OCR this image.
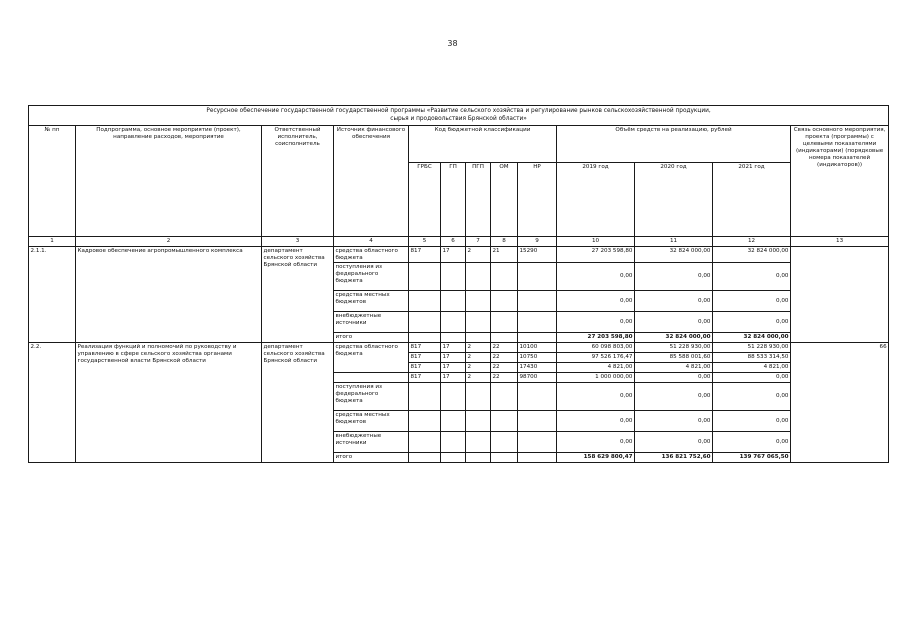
38
Ресурсное обеспечение государственной государственной программы «Развитие сельского хозяйства и регулирование рынков сельскохозяйственной продукции,
сырья и продовольствия Брянской области»												

№ пп	Подпрограмма, основное мероприятие (проект), направление расходов, мероприятие	Ответственный исполнитель, соисполнитель	Источник финансового обеспечения	Код бюджетной классификации					Объём средств на реализацию, рублей			Связь основного мероприятия, проекта (программы) с целевыми показателями (индикаторами) (порядковые номера показателей (индикаторов))
				ГРБС	ГП	ПГП	ОМ	НР	2019 год	2020 год	2021 год	
1	2	3	4	5	6	7	8	9	10	11	12	13
2.1.1.	Кадровое обеспечение агропромышленного комплекса	департамент сельского хозяйства Брянской области	средства областного бюджета	817	17	2	21	15290	27 203 598,80	32 824 000,00	32 824 000,00	
			поступления из федерального бюджета						0,00	0,00	0,00	
			средства местных бюджетов						0,00	0,00	0,00	
			внебюджетные источники						0,00	0,00	0,00	
			итого						27 203 598,80	32 824 000,00	32 824 000,00	
2.2.	Реализация функций и полномочий по руководству и управлению в сфере сельского хозяйства органами государственной власти Брянской области	департамент сельского хозяйства Брянской области	средства областного бюджета	817	17	2	22	10100	60 098 803,00	51 228 930,00	51 228 930,00	66
				817	17	2	22	10750	97 526 176,47	85 588 001,60	88 533 314,50	
				817	17	2	22	17430	4 821,00	4 821,00	4 821,00	
				817	17	2	22	98700	1 000 000,00	0,00	0,00	
			поступления из федерального бюджета						0,00	0,00	0,00	
			средства местных бюджетов						0,00	0,00	0,00	
			внебюджетные источники						0,00	0,00	0,00	
			итого						158 629 800,47	136 821 752,60	139 767 065,50	
